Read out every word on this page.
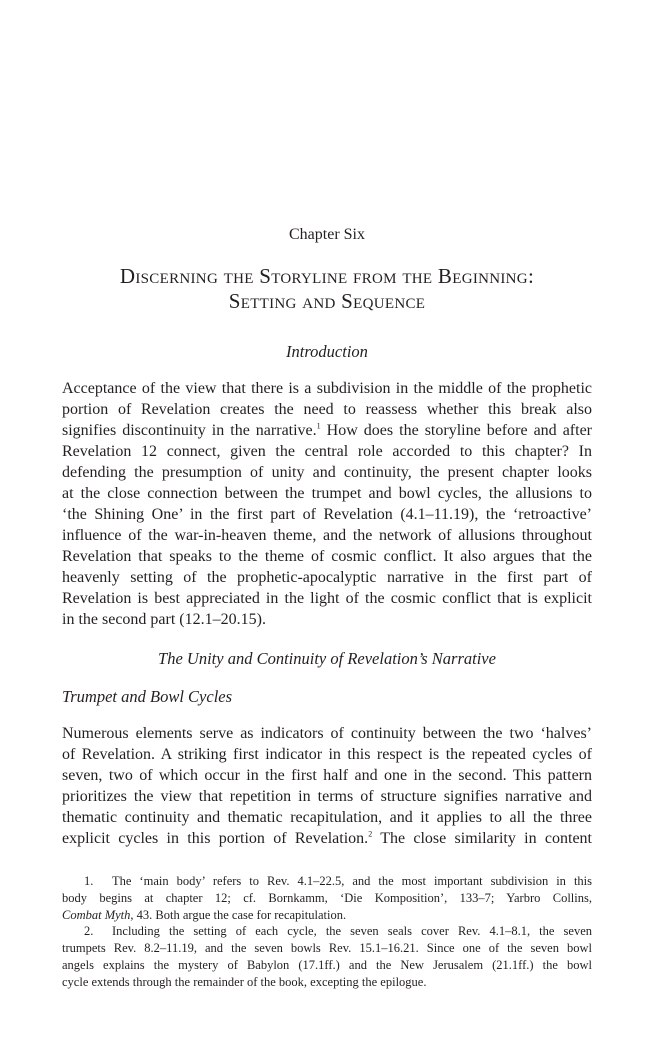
Chapter Six
Discerning the Storyline from the Beginning:
Setting and Sequence
Introduction
Acceptance of the view that there is a subdivision in the middle of the prophetic
portion of Revelation creates the need to reassess whether this break also
signifies discontinuity in the narrative.$^1$ How does the storyline before and after
Revelation 12 connect, given the central role accorded to this chapter? In
defending the presumption of unity and continuity, the present chapter looks
at the close connection between the trumpet and bowl cycles, the allusions to
‘the Shining One’ in the first part of Revelation (4.1–11.19), the ‘retroactive’
influence of the war-in-heaven theme, and the network of allusions throughout
Revelation that speaks to the theme of cosmic conflict. It also argues that the
heavenly setting of the prophetic-apocalyptic narrative in the first part of
Revelation is best appreciated in the light of the cosmic conflict that is explicit
in the second part (12.1–20.15).
The Unity and Continuity of Revelation’s Narrative
Trumpet and Bowl Cycles
Numerous elements serve as indicators of continuity between the two ‘halves’
of Revelation. A striking first indicator in this respect is the repeated cycles of
seven, two of which occur in the first half and one in the second. This pattern
prioritizes the view that repetition in terms of structure signifies narrative and
thematic continuity and thematic recapitulation, and it applies to all the three
explicit cycles in this portion of Revelation.$^2$ The close similarity in content
1. The ‘main body’ refers to Rev. 4.1–22.5, and the most important subdivision in this
body begins at chapter 12; cf. Bornkamm, ‘Die Komposition’, 133–7; Yarbro Collins,
Combat Myth, 43. Both argue the case for recapitulation.
2. Including the setting of each cycle, the seven seals cover Rev. 4.1–8.1, the seven
trumpets Rev. 8.2–11.19, and the seven bowls Rev. 15.1–16.21. Since one of the seven bowl
angels explains the mystery of Babylon (17.1ff.) and the New Jerusalem (21.1ff.) the bowl
cycle extends through the remainder of the book, excepting the epilogue.
